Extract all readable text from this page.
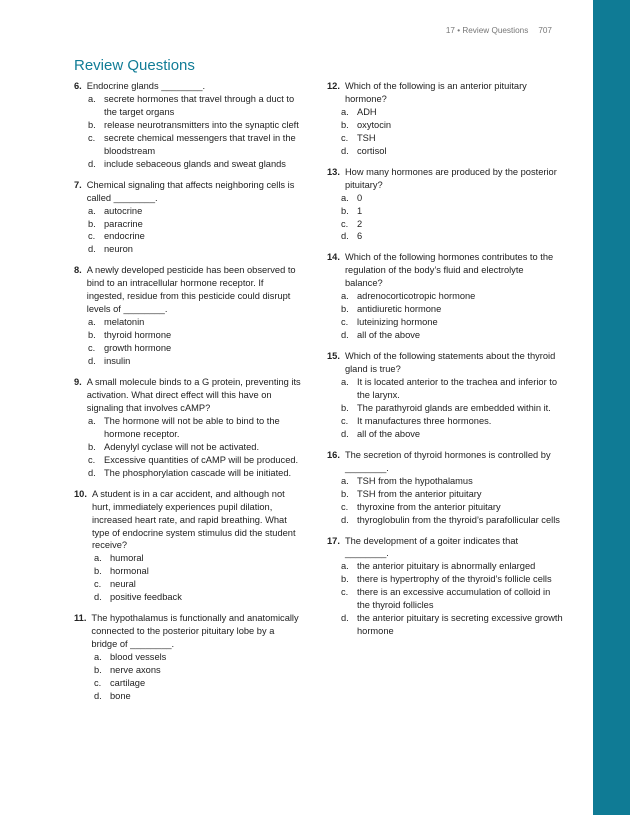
17 • Review Questions 707
Review Questions
6. Endocrine glands ________.
a. secrete hormones that travel through a duct to the target organs
b. release neurotransmitters into the synaptic cleft
c. secrete chemical messengers that travel in the bloodstream
d. include sebaceous glands and sweat glands
7. Chemical signaling that affects neighboring cells is called ________.
a. autocrine
b. paracrine
c. endocrine
d. neuron
8. A newly developed pesticide has been observed to bind to an intracellular hormone receptor. If ingested, residue from this pesticide could disrupt levels of ________.
a. melatonin
b. thyroid hormone
c. growth hormone
d. insulin
9. A small molecule binds to a G protein, preventing its activation. What direct effect will this have on signaling that involves cAMP?
a. The hormone will not be able to bind to the hormone receptor.
b. Adenylyl cyclase will not be activated.
c. Excessive quantities of cAMP will be produced.
d. The phosphorylation cascade will be initiated.
10. A student is in a car accident, and although not hurt, immediately experiences pupil dilation, increased heart rate, and rapid breathing. What type of endocrine system stimulus did the student receive?
a. humoral
b. hormonal
c. neural
d. positive feedback
11. The hypothalamus is functionally and anatomically connected to the posterior pituitary lobe by a bridge of ________.
a. blood vessels
b. nerve axons
c. cartilage
d. bone
12. Which of the following is an anterior pituitary hormone?
a. ADH
b. oxytocin
c. TSH
d. cortisol
13. How many hormones are produced by the posterior pituitary?
a. 0
b. 1
c. 2
d. 6
14. Which of the following hormones contributes to the regulation of the body’s fluid and electrolyte balance?
a. adrenocorticotropic hormone
b. antidiuretic hormone
c. luteinizing hormone
d. all of the above
15. Which of the following statements about the thyroid gland is true?
a. It is located anterior to the trachea and inferior to the larynx.
b. The parathyroid glands are embedded within it.
c. It manufactures three hormones.
d. all of the above
16. The secretion of thyroid hormones is controlled by ________.
a. TSH from the hypothalamus
b. TSH from the anterior pituitary
c. thyroxine from the anterior pituitary
d. thyroglobulin from the thyroid’s parafollicular cells
17. The development of a goiter indicates that ________.
a. the anterior pituitary is abnormally enlarged
b. there is hypertrophy of the thyroid’s follicle cells
c. there is an excessive accumulation of colloid in the thyroid follicles
d. the anterior pituitary is secreting excessive growth hormone
